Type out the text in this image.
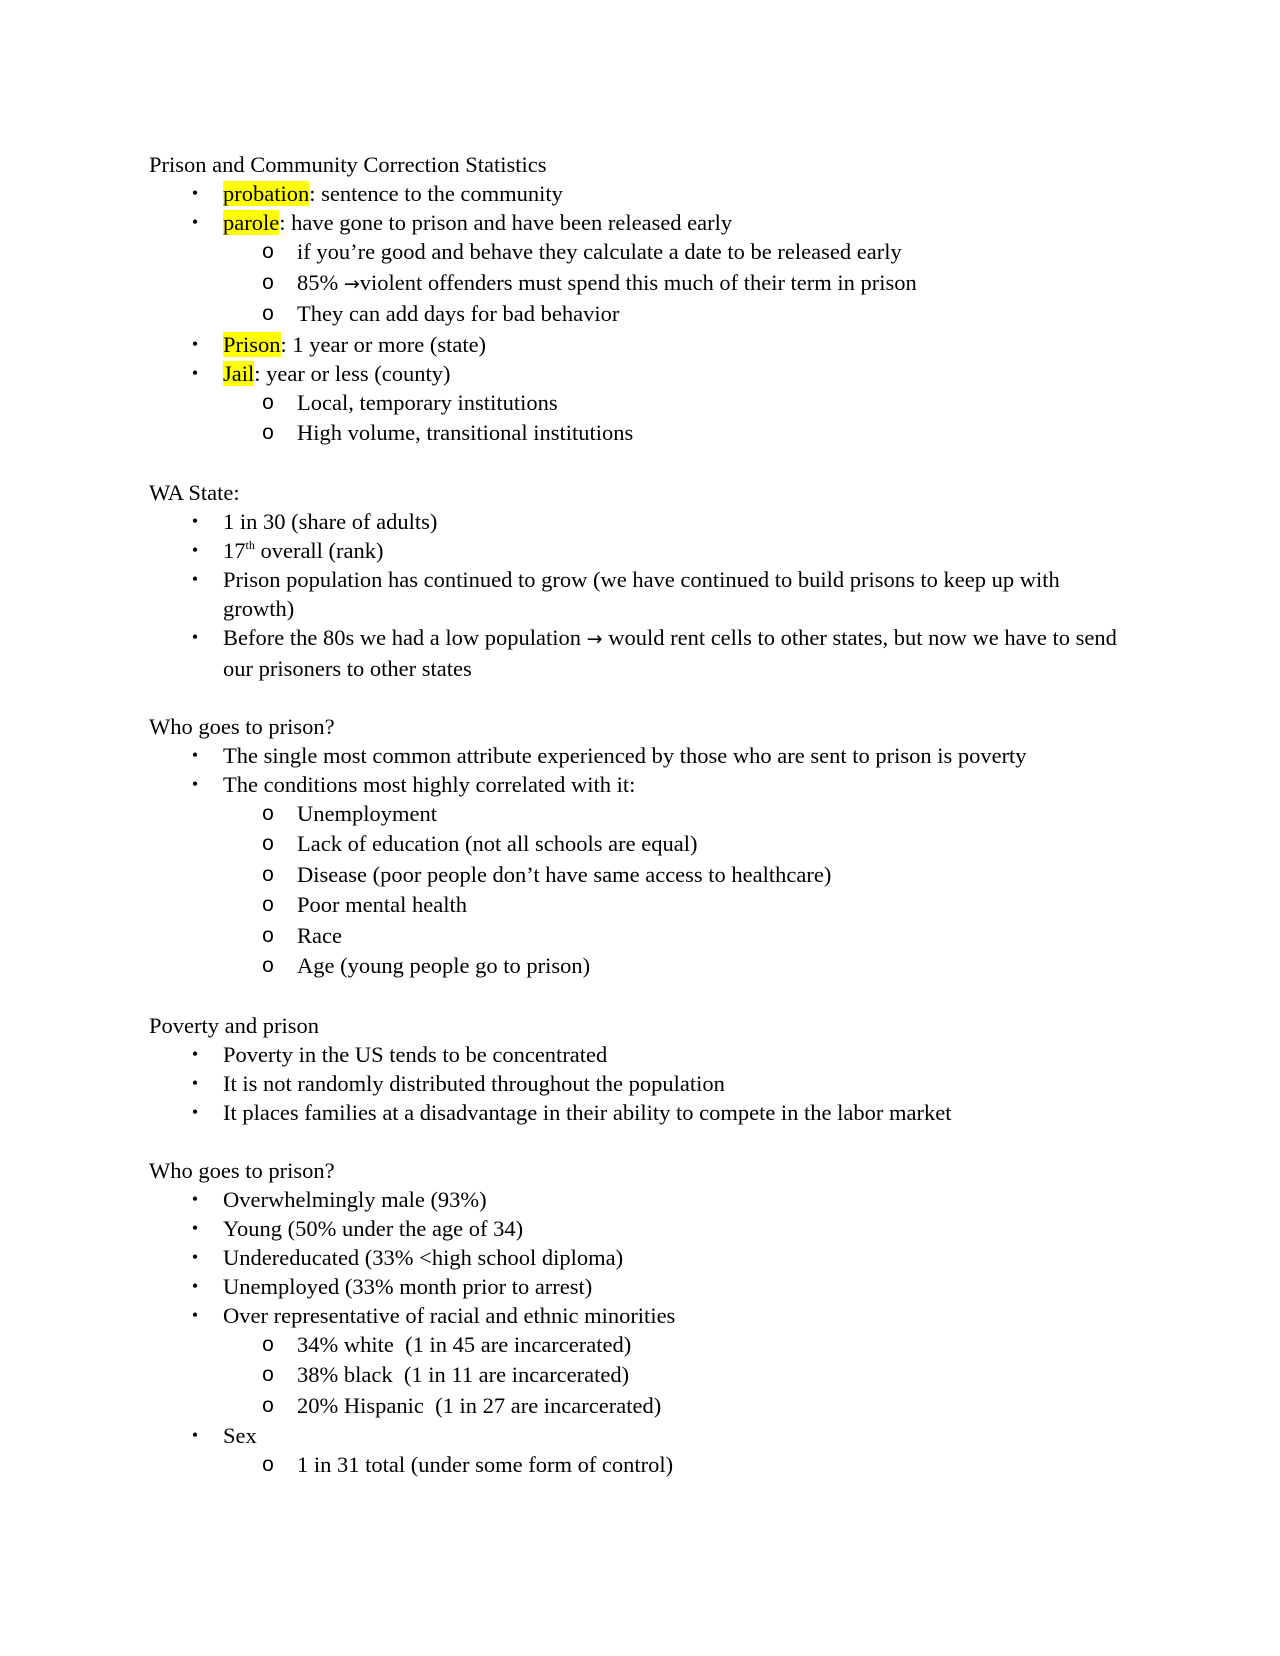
Prison and Community Correction Statistics
•	probation: sentence to the community
•	parole: have gone to prison and have been released early
o if you’re good and behave they calculate a date to be released early
o 85% →violent offenders must spend this much of their term in prison
o They can add days for bad behavior
•	Prison: 1 year or more (state)
•	Jail: year or less (county)
o Local, temporary institutions
o High volume, transitional institutions
WA State:
•	1 in 30 (share of adults)
•	17th overall (rank)
•	Prison population has continued to grow (we have continued to build prisons to keep up with growth)
•	Before the 80s we had a low population → would rent cells to other states, but now we have to send our prisoners to other states
Who goes to prison?
•	The single most common attribute experienced by those who are sent to prison is poverty
•	The conditions most highly correlated with it:
o Unemployment
o Lack of education (not all schools are equal)
o Disease (poor people don’t have same access to healthcare)
o Poor mental health
o Race
o Age (young people go to prison)
Poverty and prison
•	Poverty in the US tends to be concentrated
•	It is not randomly distributed throughout the population
•	It places families at a disadvantage in their ability to compete in the labor market
Who goes to prison?
•	Overwhelmingly male (93%)
•	Young (50% under the age of 34)
•	Undereducated (33% <high school diploma)
•	Unemployed (33% month prior to arrest)
•	Over representative of racial and ethnic minorities
o 34% white  (1 in 45 are incarcerated)
o 38% black  (1 in 11 are incarcerated)
o 20% Hispanic  (1 in 27 are incarcerated)
•	Sex
o 1 in 31 total (under some form of control)
